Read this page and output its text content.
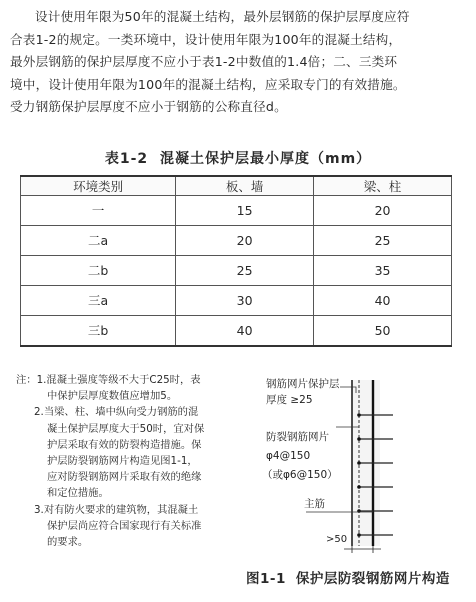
设计使用年限为50年的混凝土结构，最外层钢筋的保护层厚度应符
合表1-2的规定。一类环境中，设计使用年限为100年的混凝土结构，
最外层钢筋的保护层厚度不应小于表1-2中数值的1.4倍；二、三类环
境中，设计使用年限为100年的混凝土结构，应采取专门的有效措施。
受力钢筋保护层厚度不应小于钢筋的公称直径d。
表1-2 混凝土保护层最小厚度（mm）
环境类别	板、墙	梁、柱
一	15	20
二a	20	25
二b	25	35
三a	30	40
三b	40	50
注：1.混凝土强度等级不大于C25时，表
中保护层厚度数值应增加5。
2.当梁、柱、墙中纵向受力钢筋的混
凝土保护层厚度大于50时，宜对保
护层采取有效的防裂构造措施。保
护层防裂钢筋网片构造见图1-1，
应对防裂钢筋网片采取有效的绝缘
和定位措施。
3.对有防火要求的建筑物，其混凝土
保护层尚应符合国家现行有关标准
的要求。
钢筋网片保护层
厚度 ≥25
防裂钢筋网片
φ4@150
（或φ6@150）
主筋
>50
图1-1 保护层防裂钢筋网片构造
